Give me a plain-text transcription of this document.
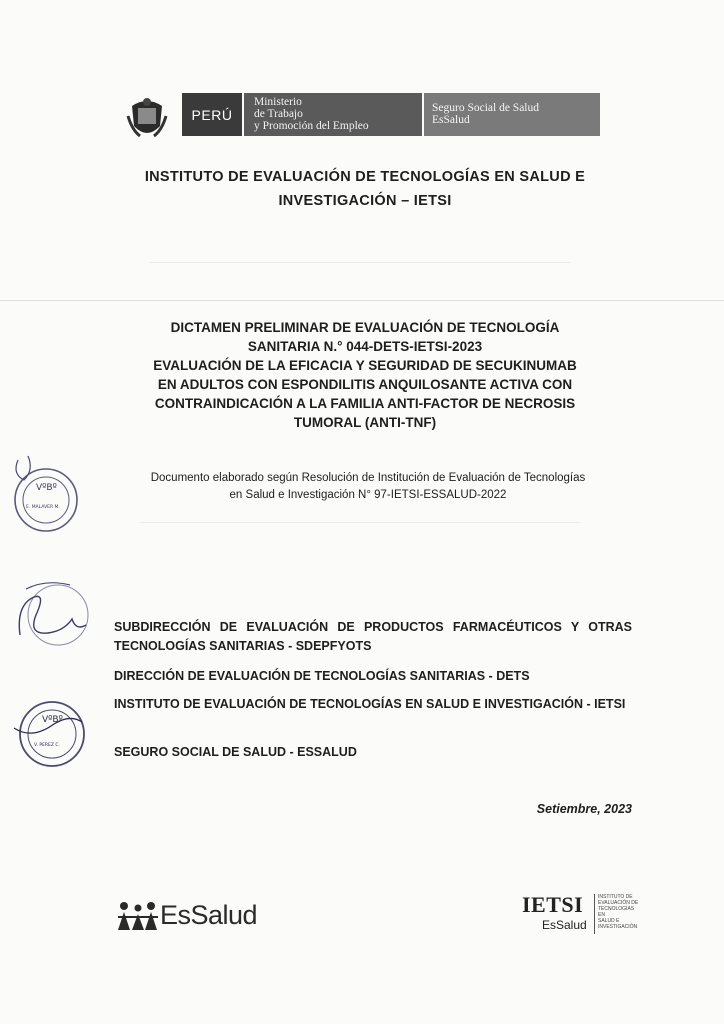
PERÚ
Ministerio
de Trabajo
y Promoción del Empleo
Seguro Social de Salud
EsSalud
INSTITUTO DE EVALUACIÓN DE TECNOLOGÍAS EN SALUD E
INVESTIGACIÓN – IETSI
DICTAMEN PRELIMINAR DE EVALUACIÓN DE TECNOLOGÍA
SANITARIA N.° 044-DETS-IETSI-2023
EVALUACIÓN DE LA EFICACIA Y SEGURIDAD DE SECUKINUMAB
EN ADULTOS CON ESPONDILITIS ANQUILOSANTE ACTIVA CON
CONTRAINDICACIÓN A LA FAMILIA ANTI-FACTOR DE NECROSIS
TUMORAL (ANTI-TNF)
Documento elaborado según Resolución de Institución de Evaluación de Tecnologías
en Salud e Investigación N° 97-IETSI-ESSALUD-2022
VºBº
E. MALAVER M.
VºBº
V. PEREZ C.
SUBDIRECCIÓN DE EVALUACIÓN DE PRODUCTOS FARMACÉUTICOS Y OTRAS TECNOLOGÍAS SANITARIAS - SDEPFYOTS
DIRECCIÓN DE EVALUACIÓN DE TECNOLOGÍAS SANITARIAS - DETS
INSTITUTO DE EVALUACIÓN DE TECNOLOGÍAS EN SALUD E INVESTIGACIÓN - IETSI
SEGURO SOCIAL DE SALUD - ESSALUD
Setiembre, 2023
EsSalud	IETSI
EsSalud
INSTITUTO DE
EVALUACIÓN DE
TECNOLOGÍAS EN
SALUD E
INVESTIGACIÓN
